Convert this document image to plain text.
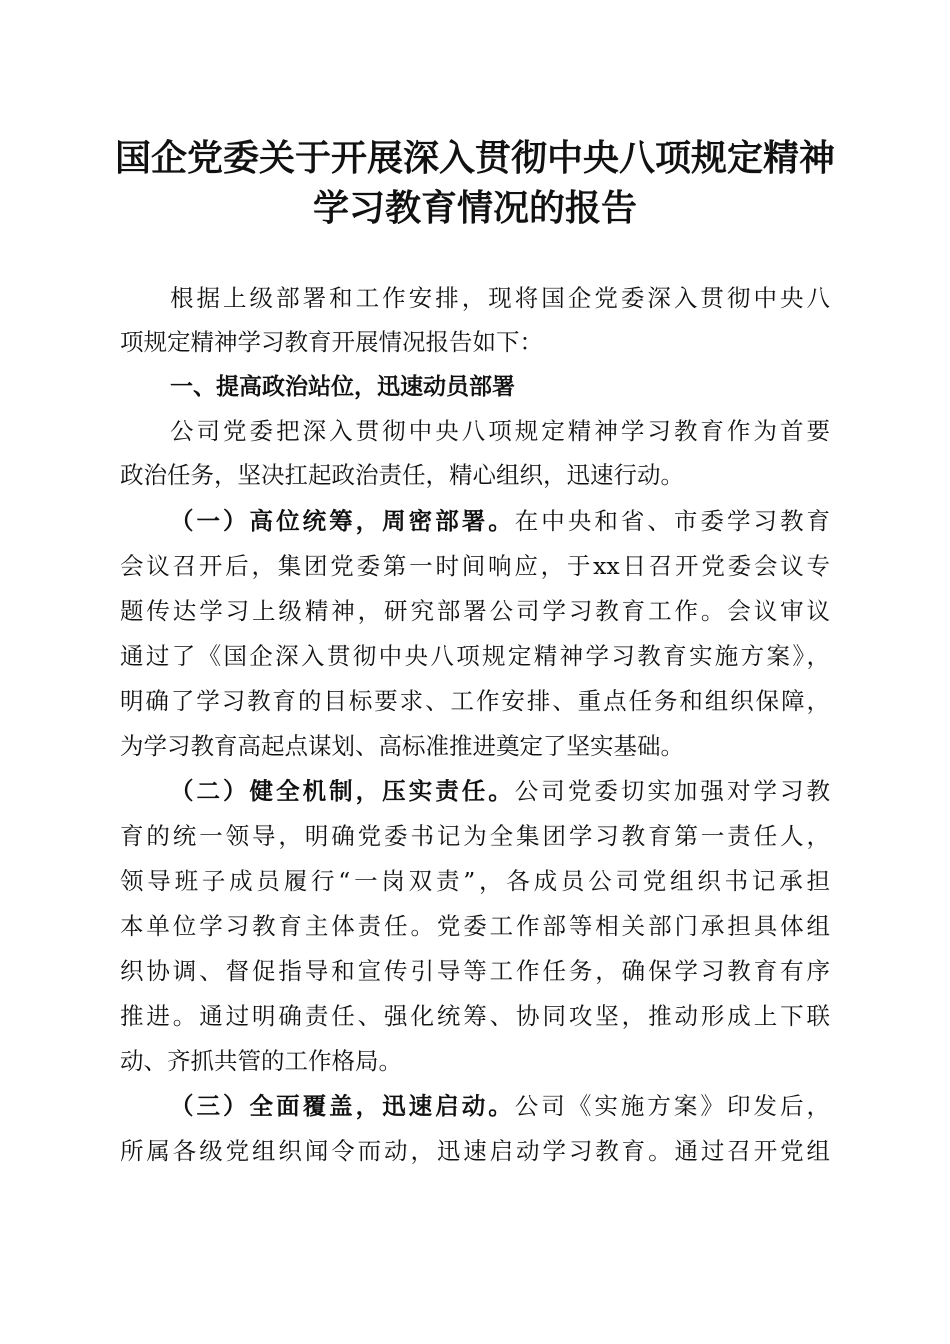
国企党委关于开展深入贯彻中央八项规定精神
学习教育情况的报告
根据上级部署和工作安排，现将国企党委深入贯彻中央八
项规定精神学习教育开展情况报告如下：
一、提高政治站位，迅速动员部署
公司党委把深入贯彻中央八项规定精神学习教育作为首要
政治任务，坚决扛起政治责任，精心组织，迅速行动。
（一）高位统筹，周密部署。在中央和省、市委学习教育
会议召开后，集团党委第一时间响应，于xx日召开党委会议专
题传达学习上级精神，研究部署公司学习教育工作。会议审议
通过了《国企深入贯彻中央八项规定精神学习教育实施方案》，
明确了学习教育的目标要求、工作安排、重点任务和组织保障，
为学习教育高起点谋划、高标准推进奠定了坚实基础。
（二）健全机制，压实责任。公司党委切实加强对学习教
育的统一领导，明确党委书记为全集团学习教育第一责任人，
领导班子成员履行“一岗双责”，各成员公司党组织书记承担
本单位学习教育主体责任。党委工作部等相关部门承担具体组
织协调、督促指导和宣传引导等工作任务，确保学习教育有序
推进。通过明确责任、强化统筹、协同攻坚，推动形成上下联
动、齐抓共管的工作格局。
（三）全面覆盖，迅速启动。公司《实施方案》印发后，
所属各级党组织闻令而动，迅速启动学习教育。通过召开党组
